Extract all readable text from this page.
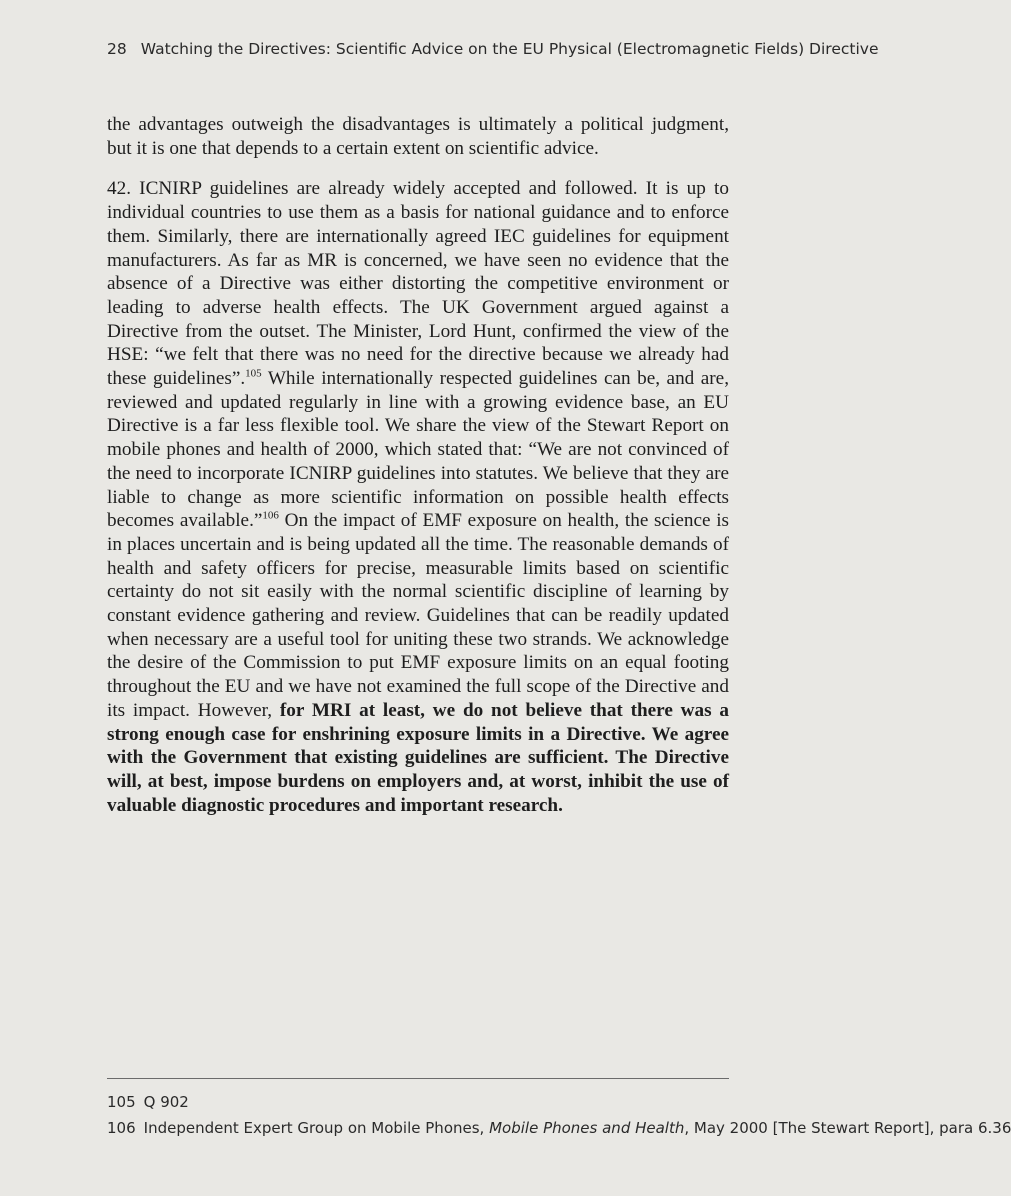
28 Watching the Directives: Scientific Advice on the EU Physical (Electromagnetic Fields) Directive

the advantages outweigh the disadvantages is ultimately a political judgment, but it is one that depends to a certain extent on scientific advice.

42. ICNIRP guidelines are already widely accepted and followed. It is up to individual countries to use them as a basis for national guidance and to enforce them. Similarly, there are internationally agreed IEC guidelines for equipment manufacturers. As far as MR is concerned, we have seen no evidence that the absence of a Directive was either distorting the competitive environment or leading to adverse health effects. The UK Government argued against a Directive from the outset. The Minister, Lord Hunt, confirmed the view of the HSE: “we felt that there was no need for the directive because we already had these guidelines”.$^{105}$ While internationally respected guidelines can be, and are, reviewed and updated regularly in line with a growing evidence base, an EU Directive is a far less flexible tool. We share the view of the Stewart Report on mobile phones and health of 2000, which stated that: “We are not convinced of the need to incorporate ICNIRP guidelines into statutes. We believe that they are liable to change as more scientific information on possible health effects becomes available.”$^{106}$ On the impact of EMF exposure on health, the science is in places uncertain and is being updated all the time. The reasonable demands of health and safety officers for precise, measurable limits based on scientific certainty do not sit easily with the normal scientific discipline of learning by constant evidence gathering and review. Guidelines that can be readily updated when necessary are a useful tool for uniting these two strands. We acknowledge the desire of the Commission to put EMF exposure limits on an equal footing throughout the EU and we have not examined the full scope of the Directive and its impact. However, for MRI at least, we do not believe that there was a strong enough case for enshrining exposure limits in a Directive. We agree with the Government that existing guidelines are sufficient. The Directive will, at best, impose burdens on employers and, at worst, inhibit the use of valuable diagnostic procedures and important research.

105 Q 902

106 Independent Expert Group on Mobile Phones, Mobile Phones and Health, May 2000 [The Stewart Report], para 6.36
